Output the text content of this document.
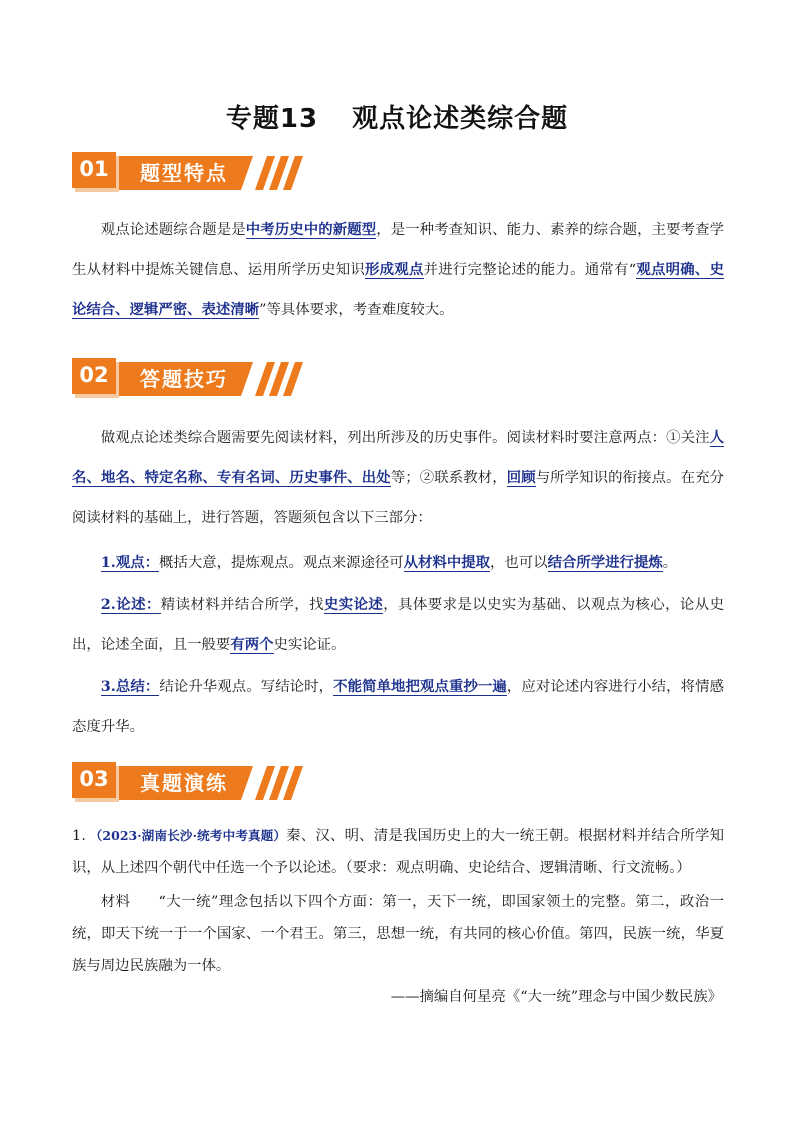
专题13 观点论述类综合题
01	题型特点
观点论述题综合题是是中考历史中的新题型，是一种考查知识、能力、素养的综合题，主要考查学生从材料中提炼关键信息、运用所学历史知识形成观点并进行完整论述的能力。通常有“观点明确、史论结合、逻辑严密、表述清晰”等具体要求，考查难度较大。
02	答题技巧
做观点论述类综合题需要先阅读材料，列出所涉及的历史事件。阅读材料时要注意两点：①关注人名、地名、特定名称、专有名词、历史事件、出处等；②联系教材，回顾与所学知识的衔接点。在充分阅读材料的基础上，进行答题，答题须包含以下三部分：
1.观点：概括大意，提炼观点。观点来源途径可从材料中提取，也可以结合所学进行提炼。
2.论述：精读材料并结合所学，找史实论述，具体要求是以史实为基础、以观点为核心，论从史出，论述全面，且一般要有两个史实论证。
3.总结：结论升华观点。写结论时，不能简单地把观点重抄一遍，应对论述内容进行小结，将情感态度升华。
03	真题演练
1．（2023·湖南长沙·统考中考真题）秦、汉、明、清是我国历史上的大一统王朝。根据材料并结合所学知识，从上述四个朝代中任选一个予以论述。（要求：观点明确、史论结合、逻辑清晰、行文流畅。）
材料 “大一统”理念包括以下四个方面：第一，天下一统，即国家领土的完整。第二，政治一统，即天下统一于一个国家、一个君王。第三，思想一统，有共同的核心价值。第四，民族一统，华夏族与周边民族融为一体。
——摘编自何星亮《“大一统”理念与中国少数民族》
